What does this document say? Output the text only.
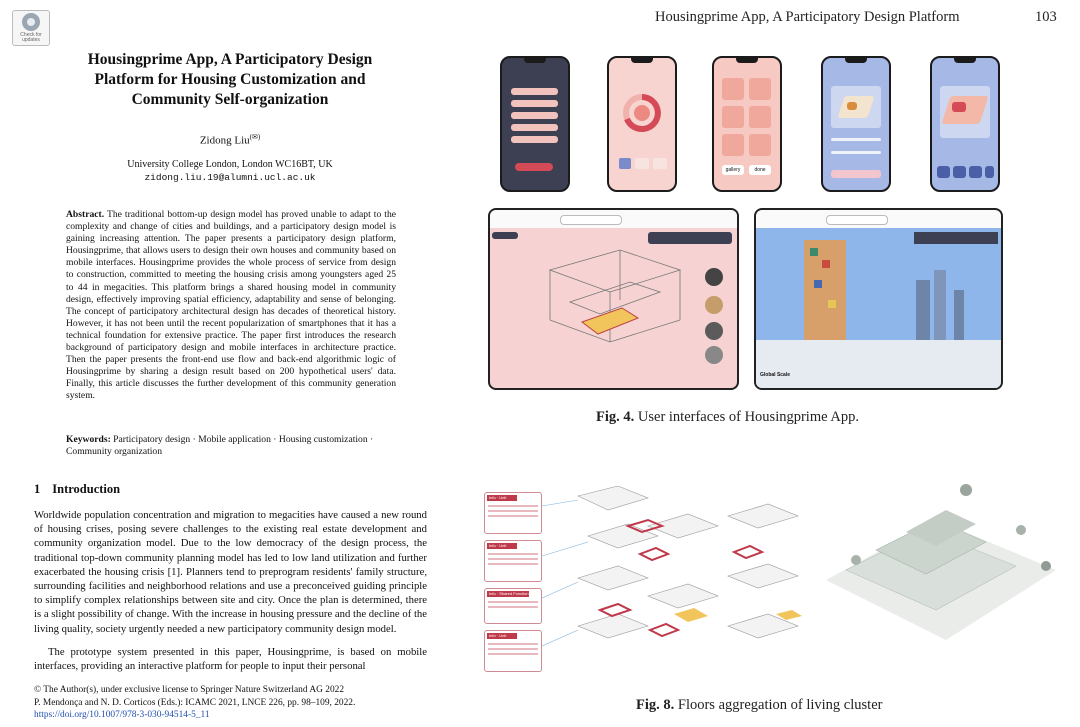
Check for updates
Housingprime App, A Participatory Design Platform for Housing Customization and Community Self-organization
Zidong Liu(✉)
University College London, London WC16BT, UK
zidong.liu.19@alumni.ucl.ac.uk
Abstract. The traditional bottom-up design model has proved unable to adapt to the complexity and change of cities and buildings, and a participatory design model is gaining increasing attention. The paper presents a participatory design platform, Housingprime, that allows users to design their own houses and community based on mobile interfaces. Housingprime provides the whole process of service from design to construction, committed to meeting the housing crisis among youngsters aged 25 to 44 in megacities. This platform brings a shared housing model in community design, effectively improving spatial efficiency, adaptability and sense of belonging. The concept of participatory architectural design has decades of theoretical history. However, it has not been until the recent popularization of smartphones that it has a technical foundation for extensive practice. The paper first introduces the research background of participatory design and mobile interfaces in architecture practice. Then the paper presents the front-end use flow and back-end algorithmic logic of Housingprime by sharing a design result based on 200 hypothetical users' data. Finally, this article discusses the further development of this community generation system.
Keywords: Participatory design · Mobile application · Housing customization · Community organization
1 Introduction
Worldwide population concentration and migration to megacities have caused a new round of housing crises, posing severe challenges to the existing real estate development and community organization model. Due to the low democracy of the design process, the traditional top-down community planning model has led to low land utilization and further exacerbated the housing crisis [1]. Planners tend to preprogram residents' family structure, surrounding facilities and neighborhood relations and use a preconceived guiding principle to simplify complex relationships between site and city. Once the plan is determined, there is a slight possibility of change. With the increase in housing pressure and the decline of the living quality, society urgently needed a new participatory community design model.
The prototype system presented in this paper, Housingprime, is based on mobile interfaces, providing an interactive platform for people to input their personal
© The Author(s), under exclusive license to Springer Nature Switzerland AG 2022
P. Mendonça and N. D. Corticos (Eds.): ICAMC 2021, LNCE 226, pp. 98–109, 2022.
https://doi.org/10.1007/978-3-030-94514-5_11
Housingprime App, A Participatory Design Platform	103
gallery	done
Global Scale
Fig. 4. User interfaces of Housingprime App.
Info · Unit No.27
Info · Unit No.35
Info · Shared Function
Info · Unit No.29
Fig. 8. Floors aggregation of living cluster
